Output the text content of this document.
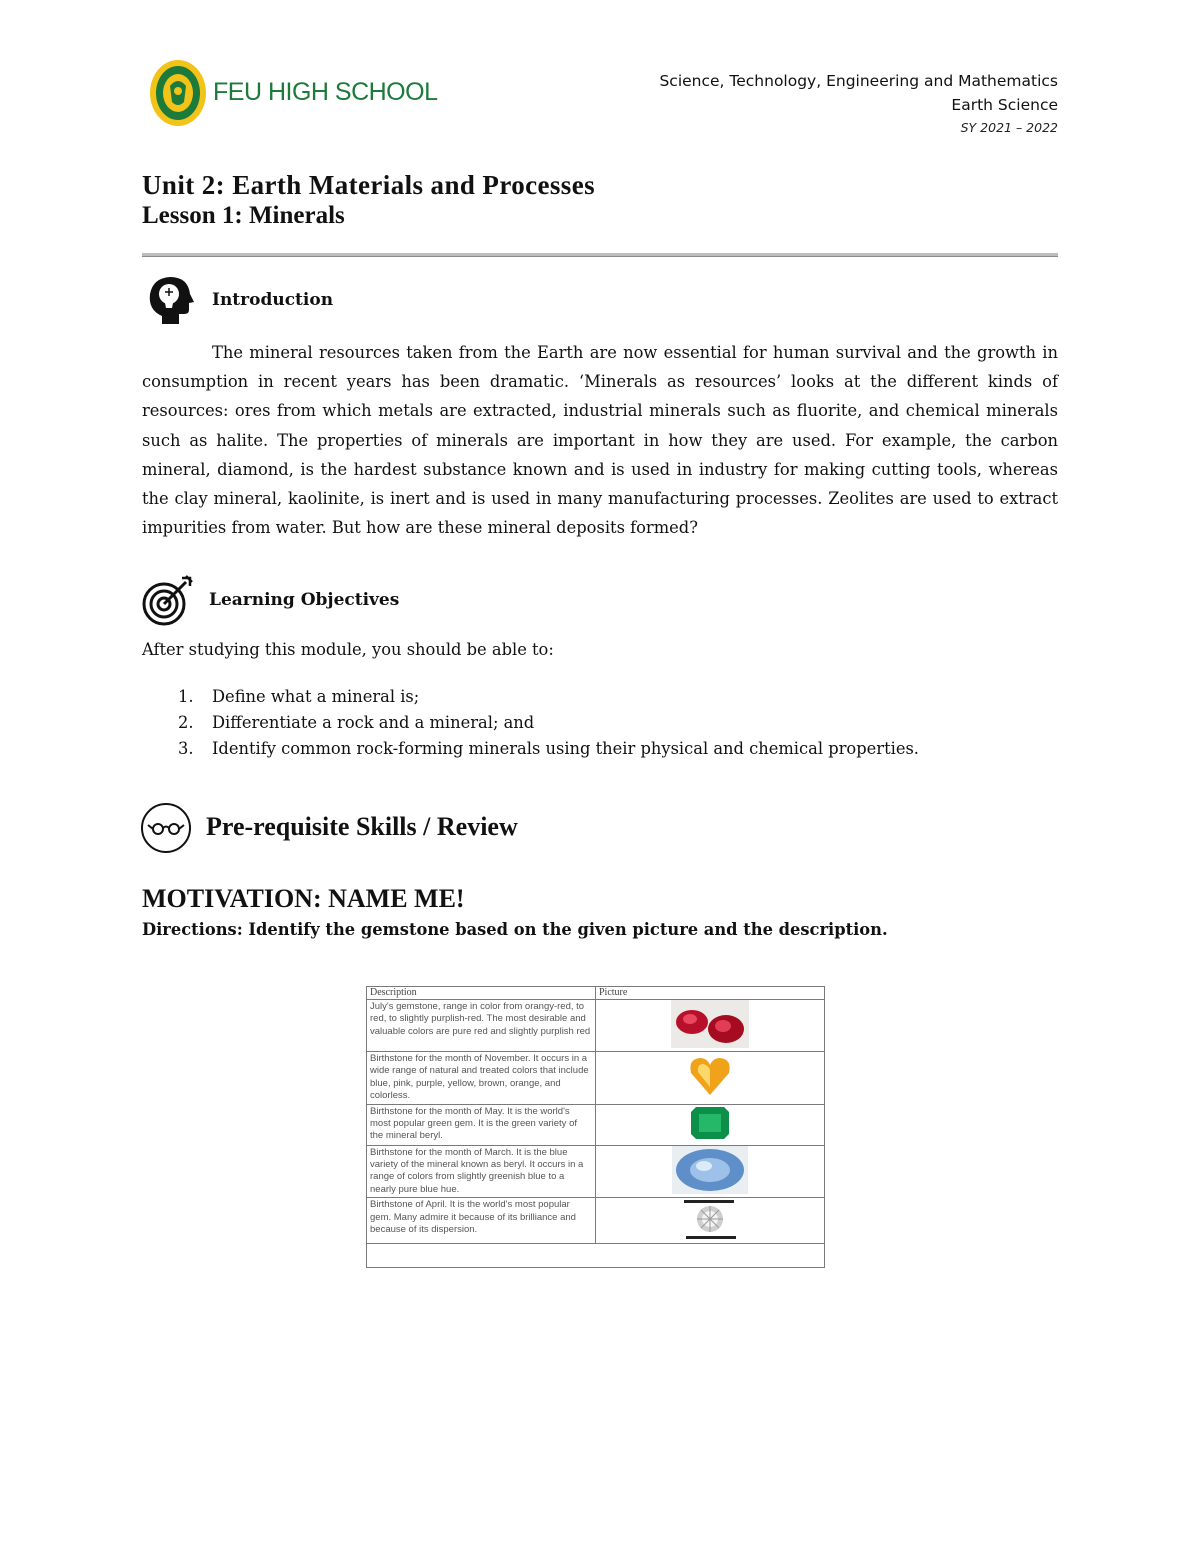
FEU HIGH SCHOOL	Science, Technology, Engineering and Mathematics
Earth Science
SY 2021 – 2022
Unit 2: Earth Materials and Processes
Lesson 1: Minerals
Introduction
The mineral resources taken from the Earth are now essential for human survival and the growth in consumption in recent years has been dramatic. ‘Minerals as resources’ looks at the different kinds of resources: ores from which metals are extracted, industrial minerals such as fluorite, and chemical minerals such as halite. The properties of minerals are important in how they are used. For example, the carbon mineral, diamond, is the hardest substance known and is used in industry for making cutting tools, whereas the clay mineral, kaolinite, is inert and is used in many manufacturing processes. Zeolites are used to extract impurities from water. But how are these mineral deposits formed?
Learning Objectives
After studying this module, you should be able to:
1. Define what a mineral is;
2. Differentiate a rock and a mineral; and
3. Identify common rock-forming minerals using their physical and chemical properties.
Pre-requisite Skills / Review
MOTIVATION: NAME ME!
Directions: Identify the gemstone based on the given picture and the description.
Description	Picture
July's gemstone, range in color from orangy-red, to red, to slightly purplish-red. The most desirable and valuable colors are pure red and slightly purplish red	
Birthstone for the month of November. It occurs in a wide range of natural and treated colors that include blue, pink, purple, yellow, brown, orange, and colorless.	
Birthstone for the month of May. It is the world's most popular green gem. It is the green variety of the mineral beryl.	
Birthstone for the month of March. It is the blue variety of the mineral known as beryl. It occurs in a range of colors from slightly greenish blue to a nearly pure blue hue.	
Birthstone of April. It is the world's most popular gem. Many admire it because of its brilliance and because of its dispersion.	
